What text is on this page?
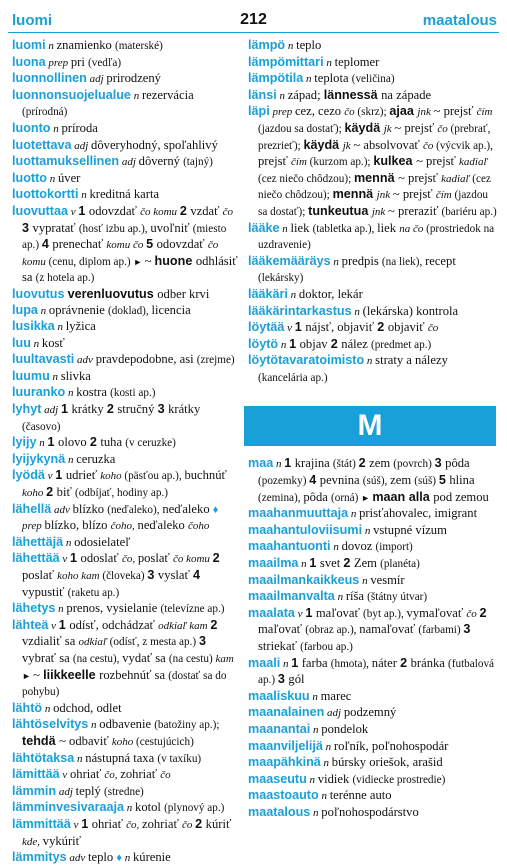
luomi	212	maatalous

luomi n znamienko (materské)

luona prep pri (vedľa)

luonnollinen adj prirodzený

luonnonsuojelualue n rezervácia (prírodná)

luonto n príroda

luotettava adj dôveryhodný, spoľahlivý

luottamuksellinen adj dôverný (tajný)

luotto n úver

luottokortti n kreditná karta

luovuttaa v 1 odovzdať čo komu 2 vzdať čo 3 vypratať (hosť izbu ap.), uvoľniť (miesto ap.) 4 prenechať komu čo 5 odovzdať čo komu (cenu, diplom ap.) ► ~ huone odhlásiť sa (z hotela ap.)

luovutus verenluovutus odber krvi

lupa n oprávnenie (doklad), licencia

lusikka n lyžica

luu n kosť

luultavasti adv pravdepodobne, asi (zrejme)

luumu n slivka

luuranko n kostra (kosti ap.)

lyhyt adj 1 krátky 2 stručný 3 krátky (časovo)

lyijy n 1 olovo 2 tuha (v ceruzke)

lyijykynä n ceruzka

lyödä v 1 udrieť koho (päsťou ap.), buchnúť koho 2 biť (odbíjať, hodiny ap.)

lähellä adv blízko (neďaleko), neďaleko ♦ prep blízko, blízo čoho, neďaleko čoho

lähettäjä n odosielateľ

lähettää v 1 odoslať čo, poslať čo komu 2 poslať koho kam (človeka) 3 vyslať 4 vypustiť (raketu ap.)

lähetys n prenos, vysielanie (televízne ap.)

lähteä v 1 odísť, odchádzať odkiaľ kam 2 vzdialiť sa odkiaľ (odísť, z mesta ap.) 3 vybrať sa (na cestu), vydať sa (na cestu) kam ► ~ liikkeelle rozbehnúť sa (dostať sa do pohybu)

lähtö n odchod, odlet

lähtöselvitys n odbavenie (batožiny ap.); tehdä ~ odbaviť koho (cestujúcich)

lähtötaksa n nástupná taxa (v taxíku)

lämittää v ohriať čo, zohriať čo

lämmin adj teplý (stredne)

lämminvesivaraaja n kotol (plynový ap.)

lämmittää v 1 ohriať čo, zohriať čo 2 kúriť kde, vykúriť

lämmitys adv teplo ♦ n kúrenie

lämpö n teplo

lämpömittari n teplomer

lämpötila n teplota (veličina)

länsi n západ; lännessä na západe

läpi prep cez, cezo čo (skrz); ajaa jnk ~ prejsť čím (jazdou sa dostať); käydä jk ~ prejsť čo (prebrať, prezrieť); käydä jk ~ absolvovať čo (výcvik ap.), prejsť čím (kurzom ap.); kulkea ~ prejsť kadiaľ (cez niečo chôdzou); mennä ~ prejsť kadiaľ (cez niečo chôdzou); mennä jnk ~ prejsť čím (jazdou sa dostať); tunkeutua jnk ~ preraziť (bariéru ap.)

lääke n liek (tabletka ap.), liek na čo (prostriedok na uzdravenie)

lääkemääräys n predpis (na liek), recept (lekársky)

lääkäri n doktor, lekár

lääkärintarkastus n (lekárska) kontrola

löytää v 1 nájsť, objaviť 2 objaviť čo

löytö n 1 objav 2 nález (predmet ap.)

löytötavaratoimisto n straty a nálezy (kancelária ap.)

M

maa n 1 krajina (štát) 2 zem (povrch) 3 pôda (pozemky) 4 pevnina (súš), zem (súš) 5 hlina (zemina), pôda (orná) ► maan alla pod zemou

maahanmuuttaja n prisťahovalec, imigrant

maahantuloviisumi n vstupné vízum

maahantuonti n dovoz (import)

maailma n 1 svet 2 Zem (planéta)

maailmankaikkeus n vesmír

maailmanvalta n ríša (štátny útvar)

maalata v 1 maľovať (byt ap.), vymaľovať čo 2 maľovať (obraz ap.), namaľovať (farbami) 3 striekať (farbou ap.)

maali n 1 farba (hmota), náter 2 bránka (futbalová ap.) 3 gól

maaliskuu n marec

maanalainen adj podzemný

maanantai n pondelok

maanviljelijä n roľník, poľnohospodár

maapähkinä n búrsky oriešok, arašid

maaseutu n vidiek (vidiecke prostredie)

maastoauto n terénne auto

maatalous n poľnohospodárstvo
